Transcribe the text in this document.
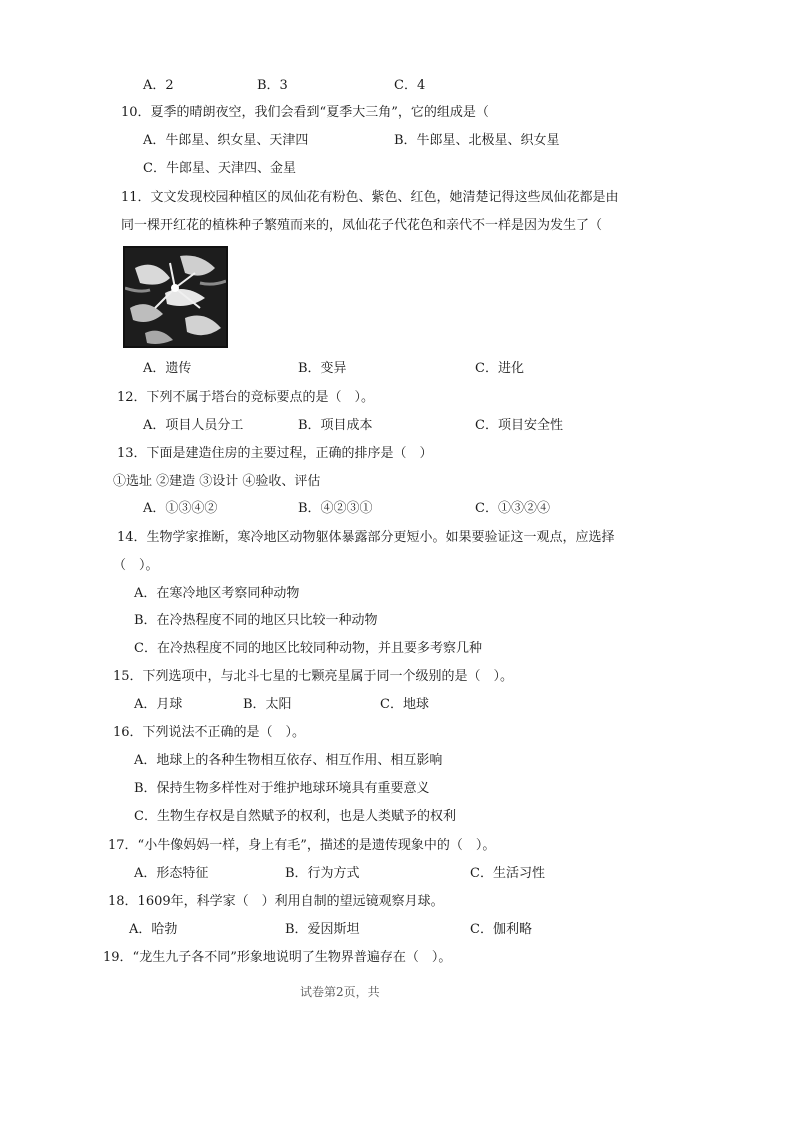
A．2	B．3	C．4
10．夏季的晴朗夜空，我们会看到“夏季大三角”，它的组成是（
A．牛郎星、织女星、天津四	B．牛郎星、北极星、织女星
C．牛郎星、天津四、金星
11．文文发现校园种植区的凤仙花有粉色、紫色、红色，她清楚记得这些凤仙花都是由
同一棵开红花的植株种子繁殖而来的，凤仙花子代花色和亲代不一样是因为发生了（
A．遗传	B．变异	C．进化
12．下列不属于塔台的竞标要点的是（　）。
A．项目人员分工	B．项目成本	C．项目安全性
13．下面是建造住房的主要过程，正确的排序是（　）
①选址 ②建造 ③设计 ④验收、评估
A．①③④②	B．④②③①	C．①③②④
14．生物学家推断，寒冷地区动物躯体暴露部分更短小。如果要验证这一观点，应选择
（　）。
A．在寒冷地区考察同种动物
B．在冷热程度不同的地区只比较一种动物
C．在冷热程度不同的地区比较同种动物，并且要多考察几种
15．下列选项中，与北斗七星的七颗亮星属于同一个级别的是（　）。
A．月球	B．太阳	C．地球
16．下列说法不正确的是（　）。
A．地球上的各种生物相互依存、相互作用、相互影响
B．保持生物多样性对于维护地球环境具有重要意义
C．生物生存权是自然赋予的权利，也是人类赋予的权利
17．“小牛像妈妈一样，身上有毛”，描述的是遗传现象中的（　）。
A．形态特征	B．行为方式	C．生活习性
18．1609年，科学家（　）利用自制的望远镜观察月球。
A．哈勃	B．爱因斯坦	C．伽利略
19．“龙生九子各不同”形象地说明了生物界普遍存在（　）。
试卷第2页，共
